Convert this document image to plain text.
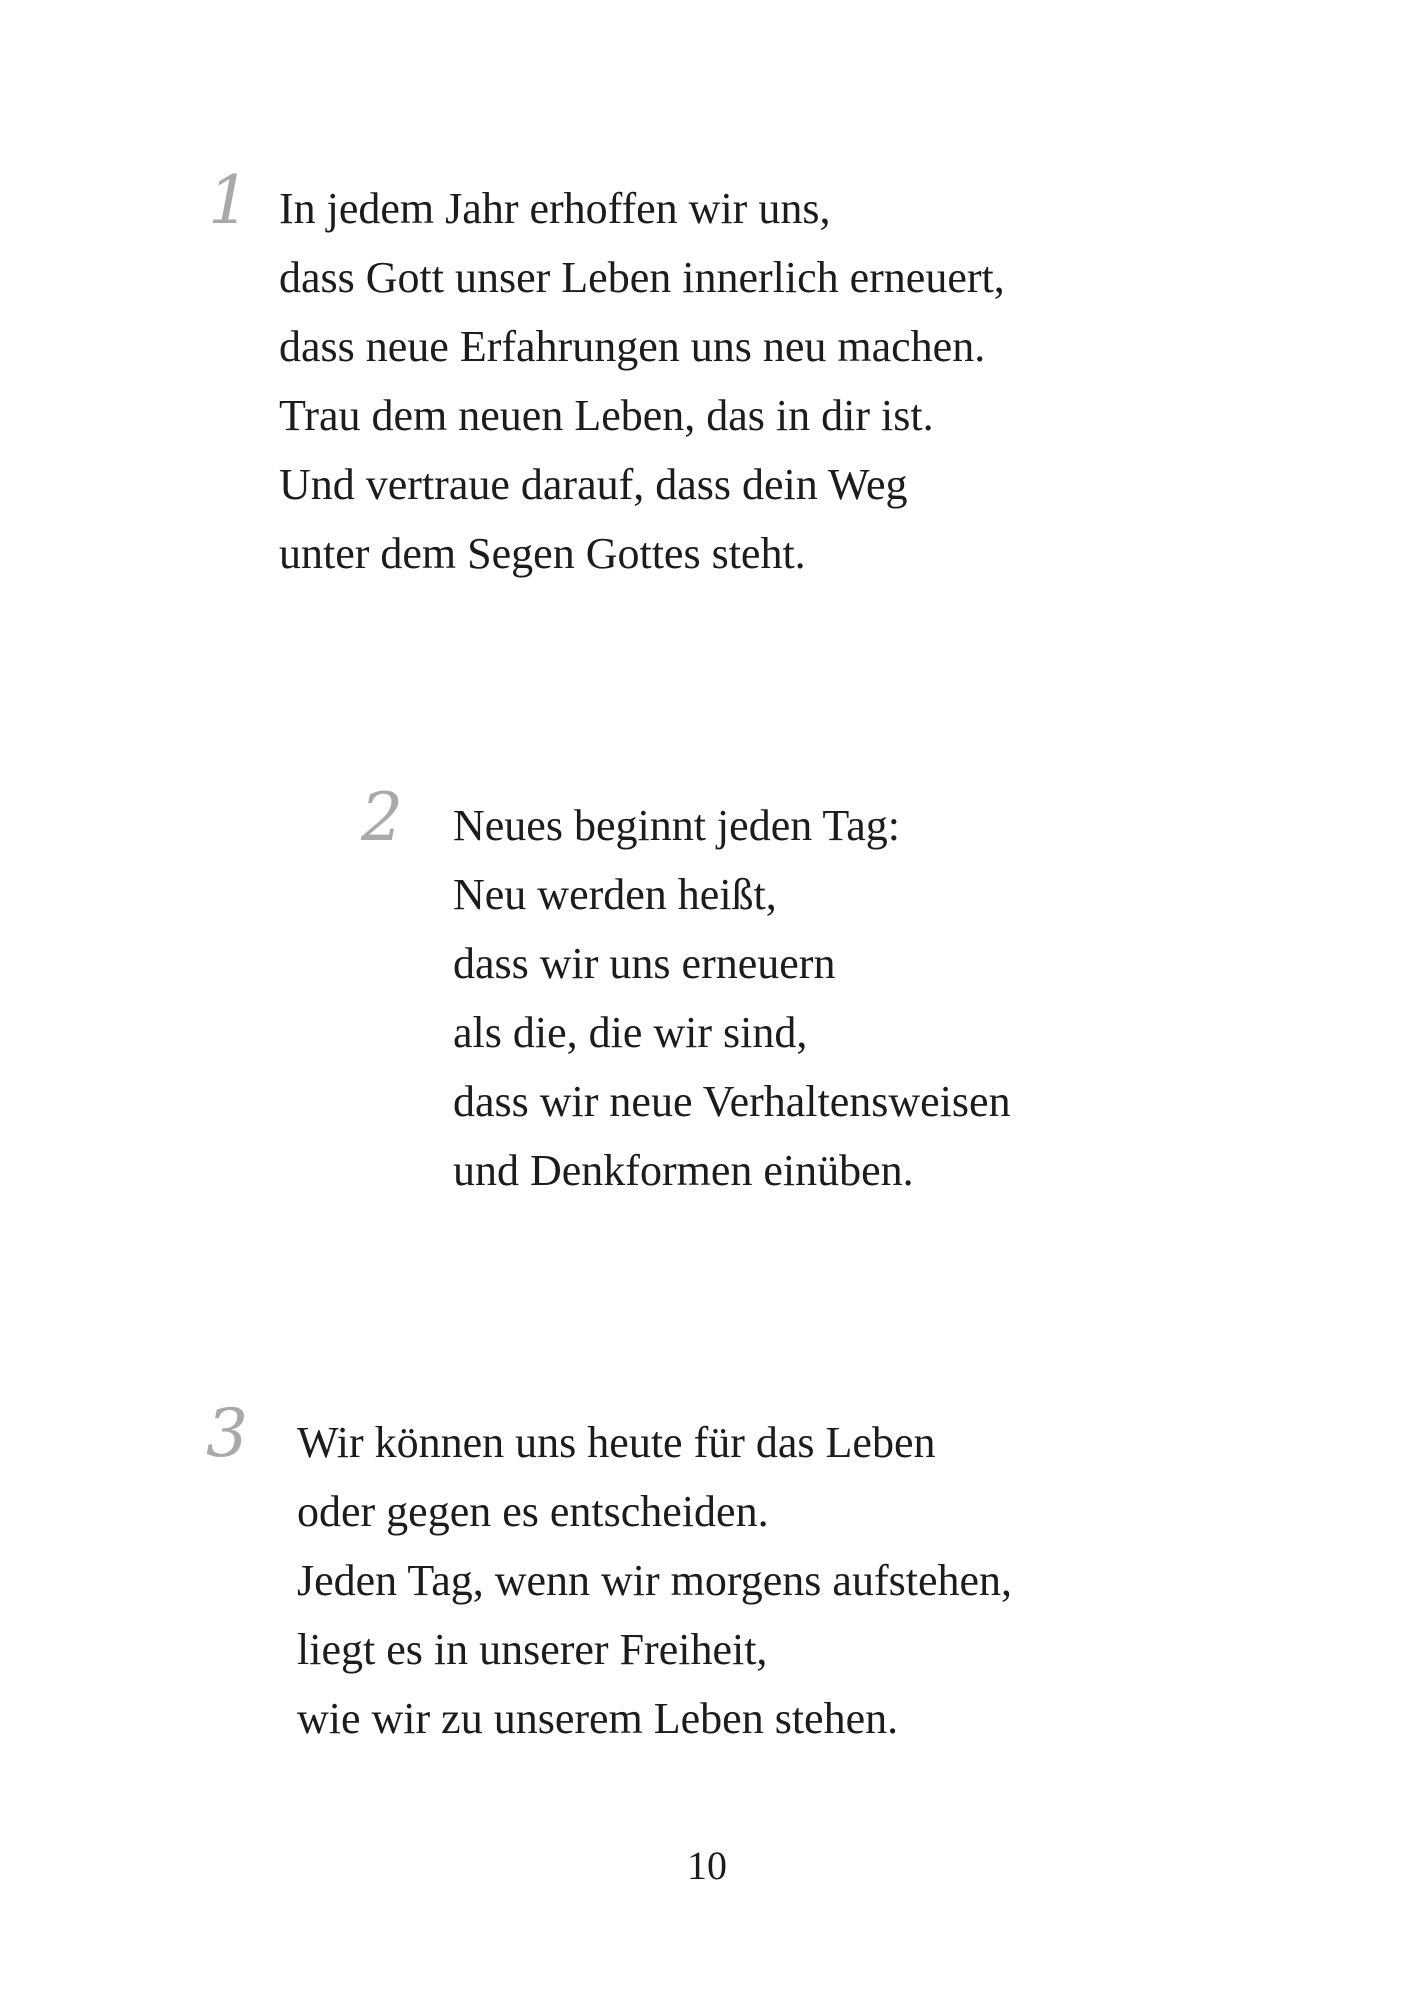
1 In jedem Jahr erhoffen wir uns,
dass Gott unser Leben innerlich erneuert,
dass neue Erfahrungen uns neu machen.
Trau dem neuen Leben, das in dir ist.
Und vertraue darauf, dass dein Weg
unter dem Segen Gottes steht.
2 Neues beginnt jeden Tag:
Neu werden heißt,
dass wir uns erneuern
als die, die wir sind,
dass wir neue Verhaltensweisen
und Denkformen einüben.
3 Wir können uns heute für das Leben
oder gegen es entscheiden.
Jeden Tag, wenn wir morgens aufstehen,
liegt es in unserer Freiheit,
wie wir zu unserem Leben stehen.
10
